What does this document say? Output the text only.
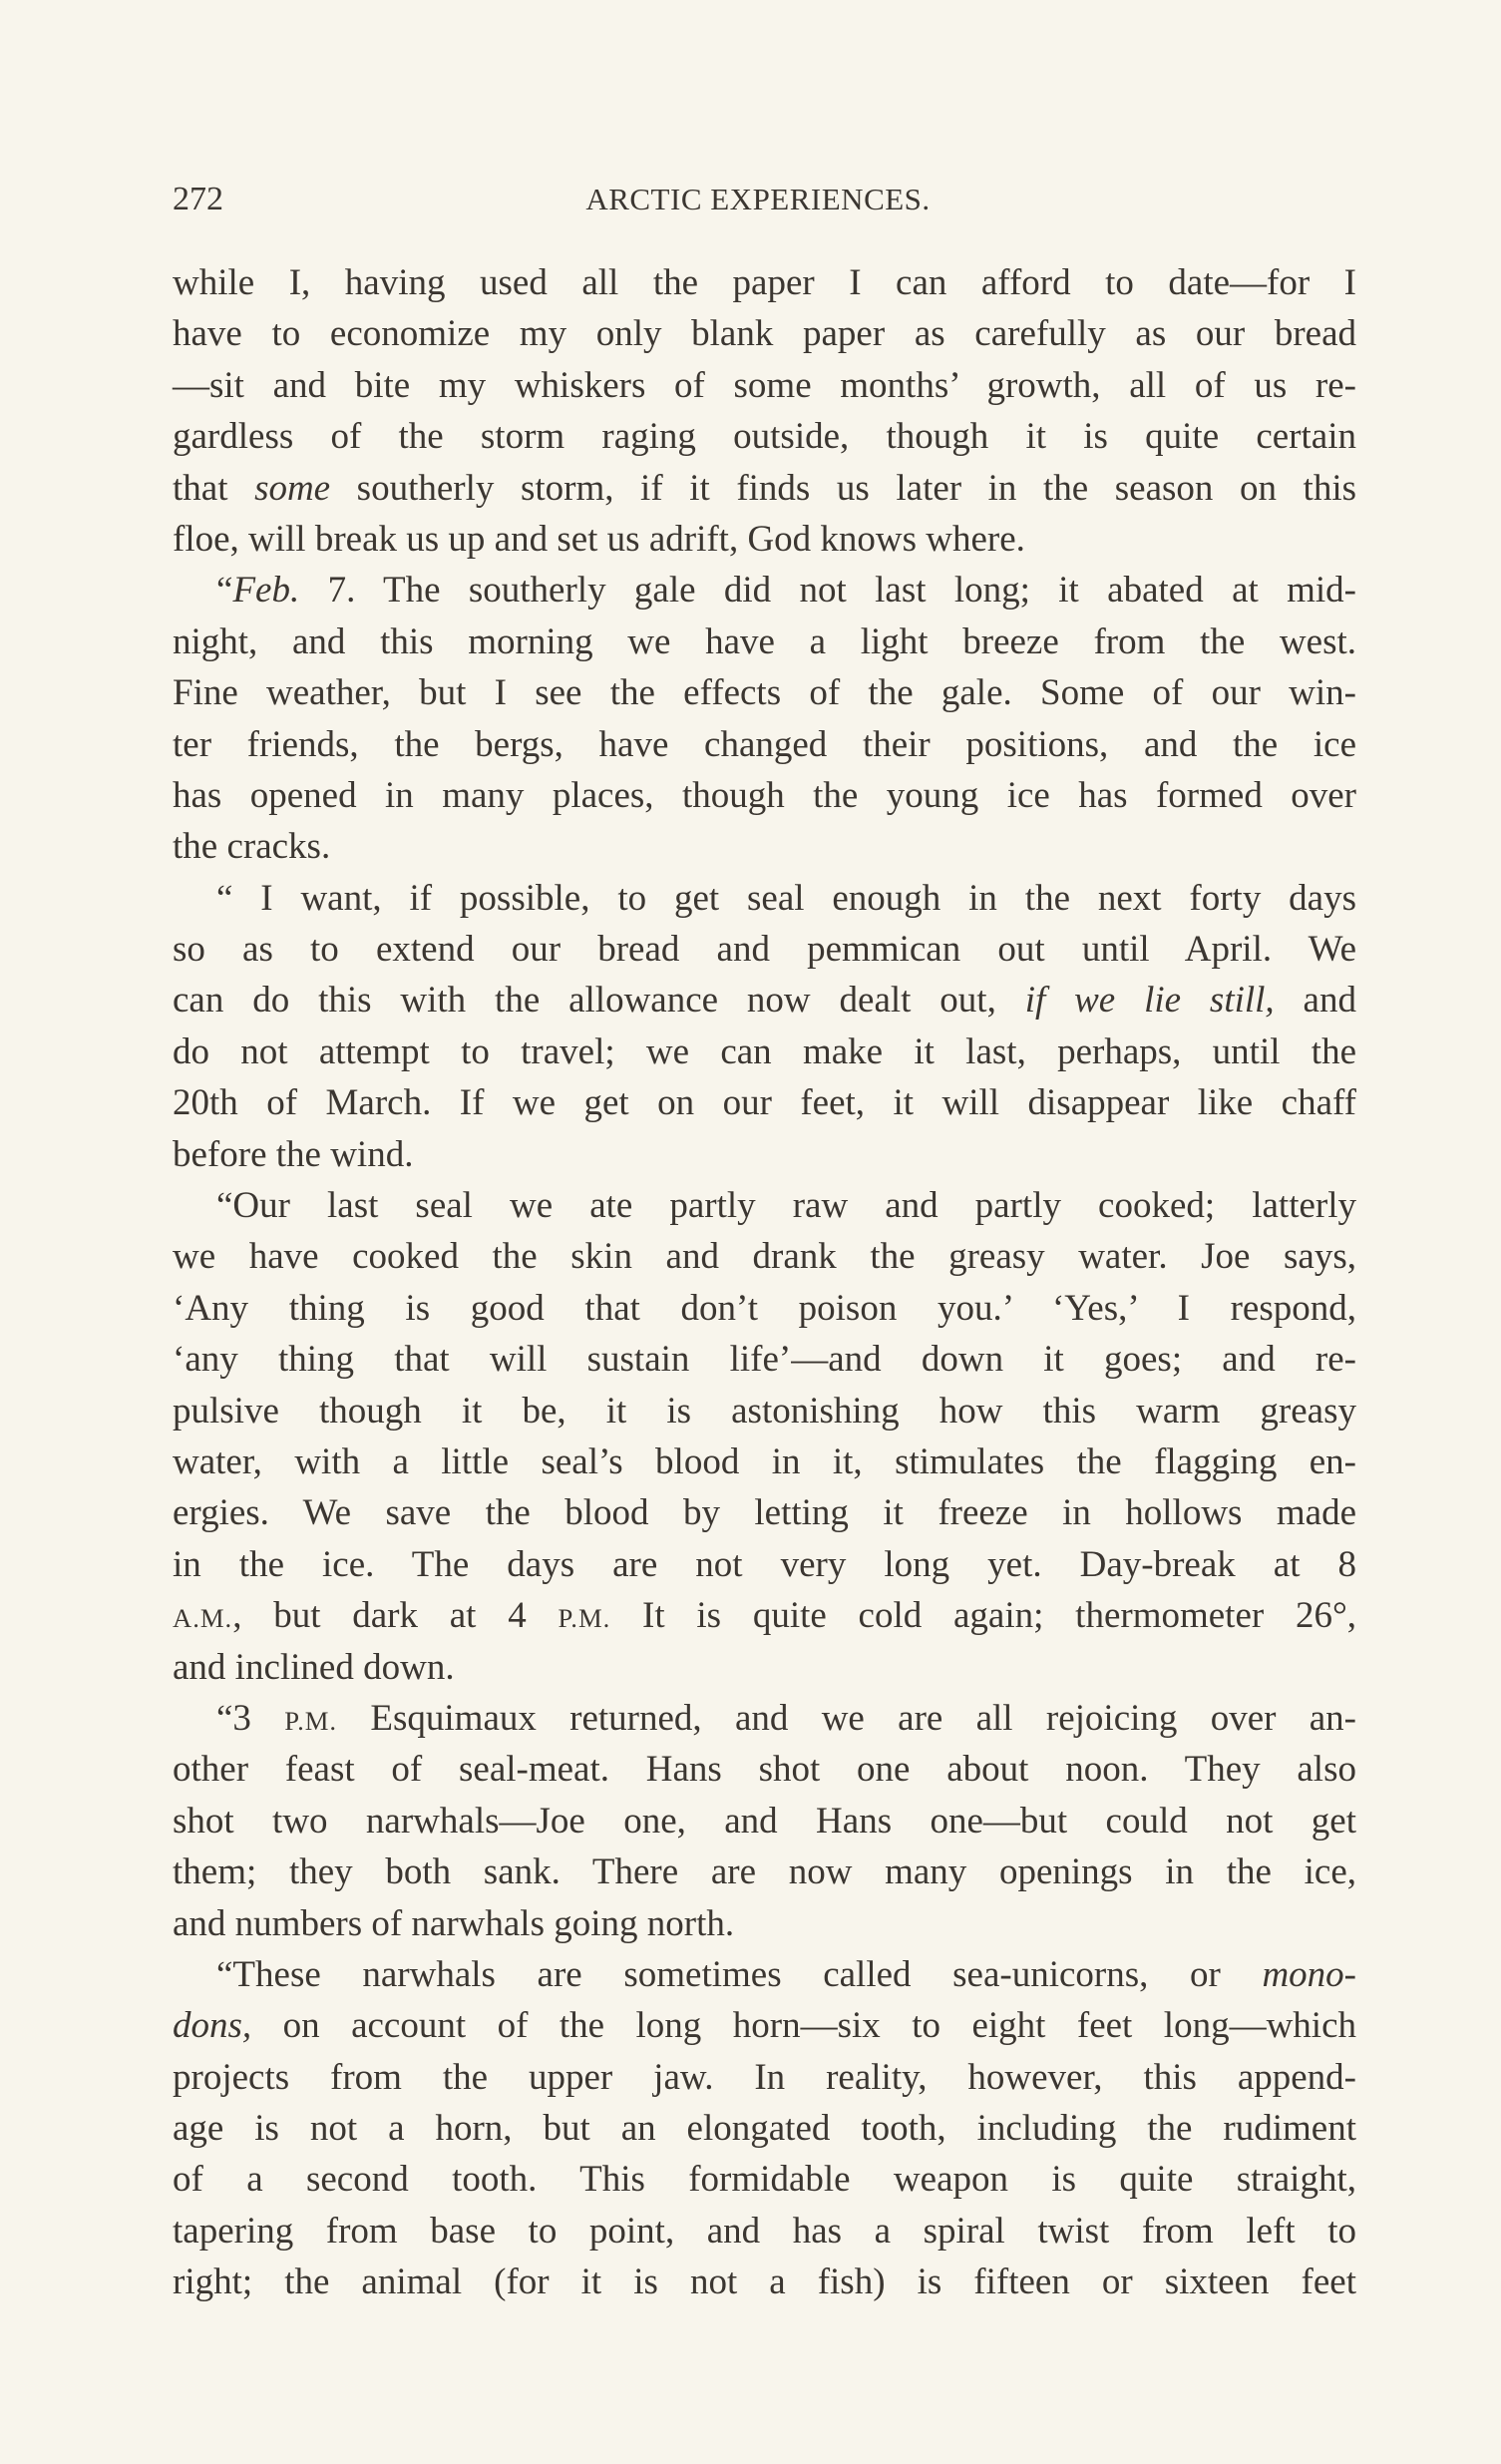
272	ARCTIC EXPERIENCES.
while I, having used all the paper I can afford to date—for I
have to economize my only blank paper as carefully as our bread
—sit and bite my whiskers of some months’ growth, all of us re-
gardless of the storm raging outside, though it is quite certain
that some southerly storm, if it finds us later in the season on this
floe, will break us up and set us adrift, God knows where.
“Feb. 7. The southerly gale did not last long; it abated at mid-
night, and this morning we have a light breeze from the west.
Fine weather, but I see the effects of the gale. Some of our win-
ter friends, the bergs, have changed their positions, and the ice
has opened in many places, though the young ice has formed over
the cracks.
“ I want, if possible, to get seal enough in the next forty days
so as to extend our bread and pemmican out until April. We
can do this with the allowance now dealt out, if we lie still, and
do not attempt to travel; we can make it last, perhaps, until the
20th of March. If we get on our feet, it will disappear like chaff
before the wind.
“Our last seal we ate partly raw and partly cooked; latterly
we have cooked the skin and drank the greasy water. Joe says,
‘Any thing is good that don’t poison you.’ ‘Yes,’ I respond,
‘any thing that will sustain life’—and down it goes; and re-
pulsive though it be, it is astonishing how this warm greasy
water, with a little seal’s blood in it, stimulates the flagging en-
ergies. We save the blood by letting it freeze in hollows made
in the ice. The days are not very long yet. Day-break at 8
A.M., but dark at 4 P.M. It is quite cold again; thermometer 26°,
and inclined down.
“3 P.M. Esquimaux returned, and we are all rejoicing over an-
other feast of seal-meat. Hans shot one about noon. They also
shot two narwhals—Joe one, and Hans one—but could not get
them; they both sank. There are now many openings in the ice,
and numbers of narwhals going north.
“These narwhals are sometimes called sea-unicorns, or mono-
dons, on account of the long horn—six to eight feet long—which
projects from the upper jaw. In reality, however, this append-
age is not a horn, but an elongated tooth, including the rudiment
of a second tooth. This formidable weapon is quite straight,
tapering from base to point, and has a spiral twist from left to
right; the animal (for it is not a fish) is fifteen or sixteen feet
